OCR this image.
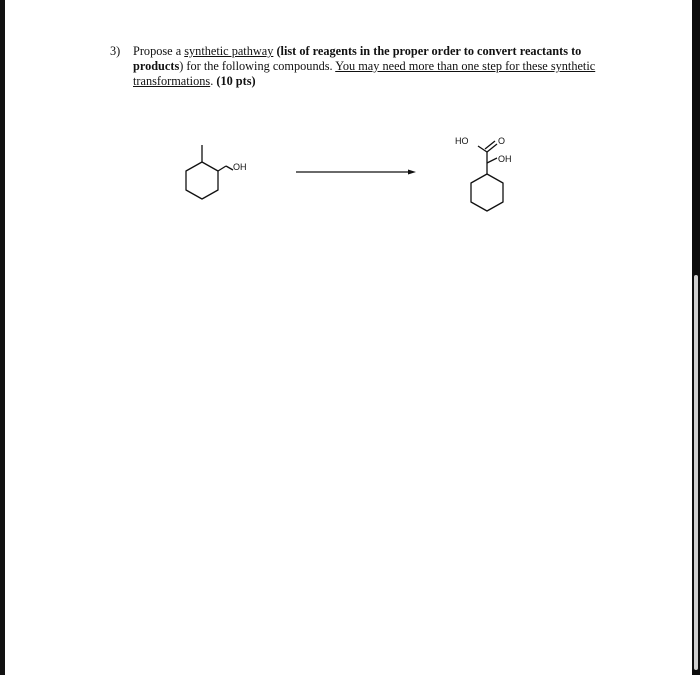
3) Propose a synthetic pathway (list of reagents in the proper order to convert reactants to products) for the following compounds. You may need more than one step for these synthetic transformations. (10 pts)
OH
HO	O
OH
